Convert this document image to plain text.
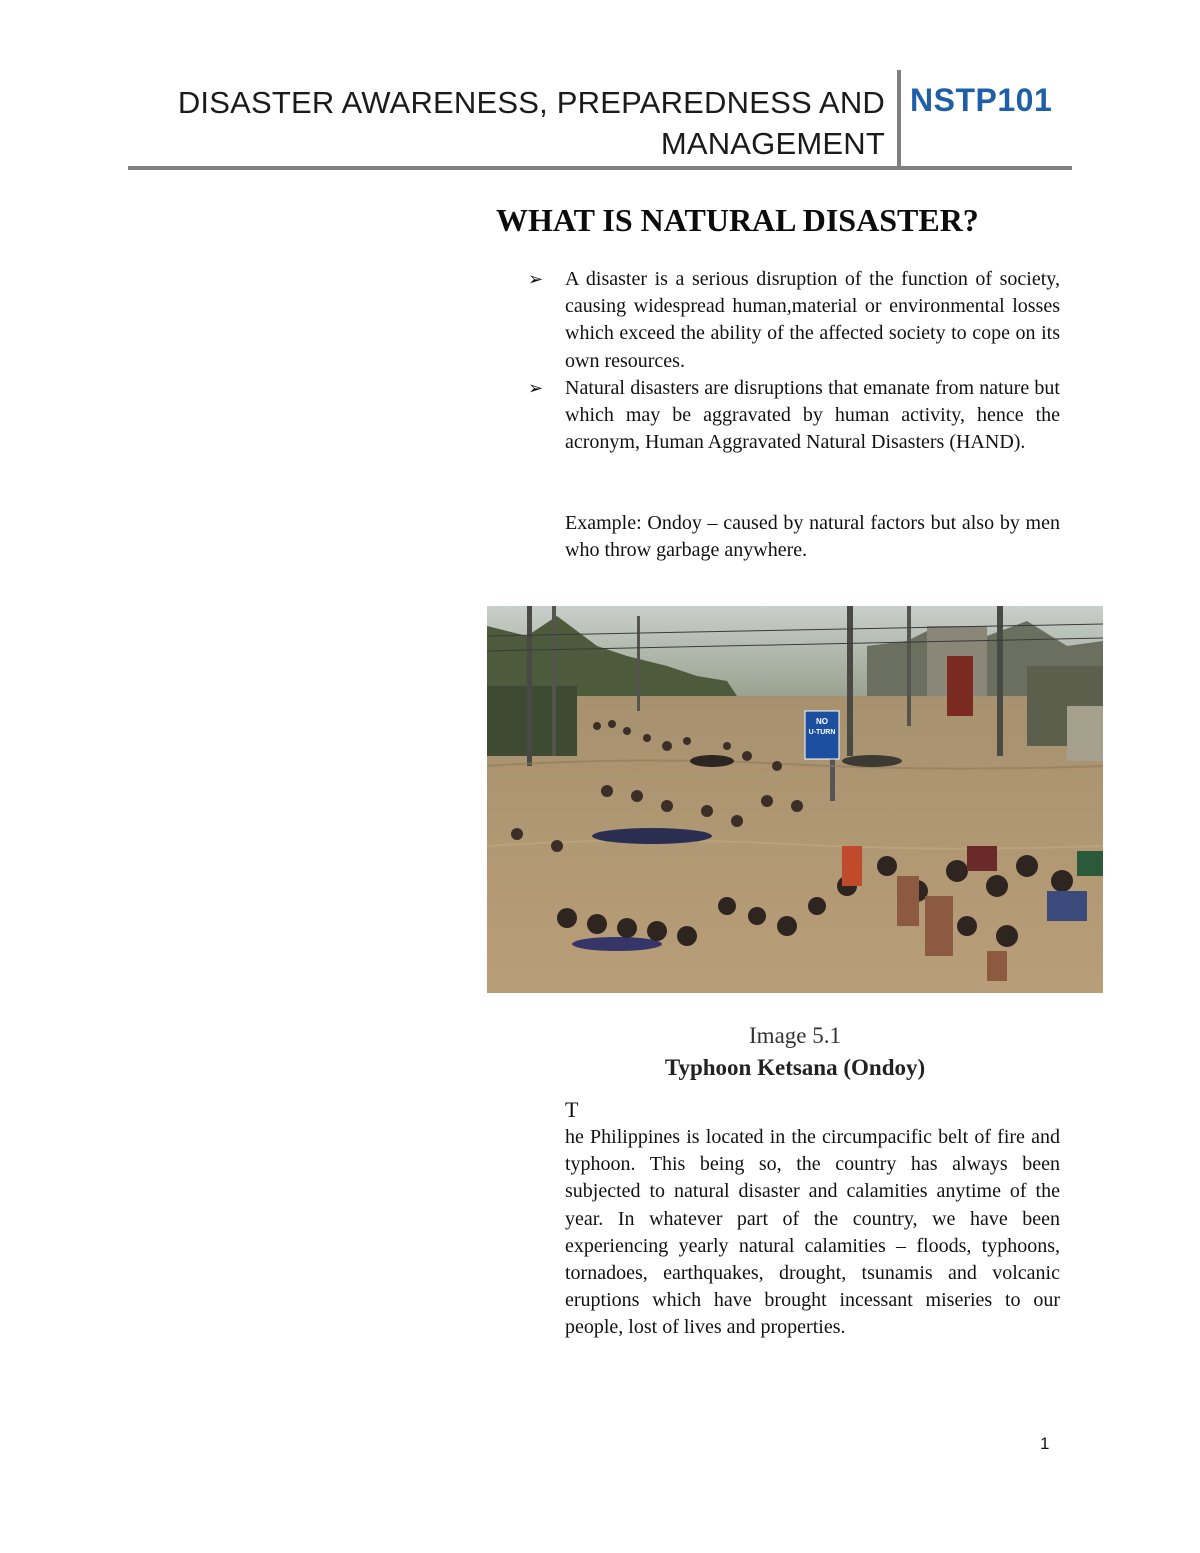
DISASTER AWARENESS, PREPAREDNESS AND
MANAGEMENT
NSTP101
WHAT IS NATURAL DISASTER?
➢ A disaster is a serious disruption of the function of society, causing widespread human,material or environmental losses which exceed the ability of the affected society to cope on its own resources.
➢ Natural disasters are disruptions that emanate from nature but which may be aggravated by human activity, hence the acronym, Human Aggravated Natural Disasters (HAND).

Example: Ondoy – caused by natural factors but also by men who throw garbage anywhere.

NO
U-TURN

Image 5.1

Typhoon Ketsana (Ondoy)

T

he Philippines is located in the circumpacific belt of fire and typhoon. This being so, the country has always been subjected to natural disaster and calamities anytime of the year. In whatever part of the country, we have been experiencing yearly natural calamities – floods, typhoons, tornadoes, earthquakes, drought, tsunamis and volcanic eruptions which have brought incessant miseries to our people, lost of lives and properties.

1
